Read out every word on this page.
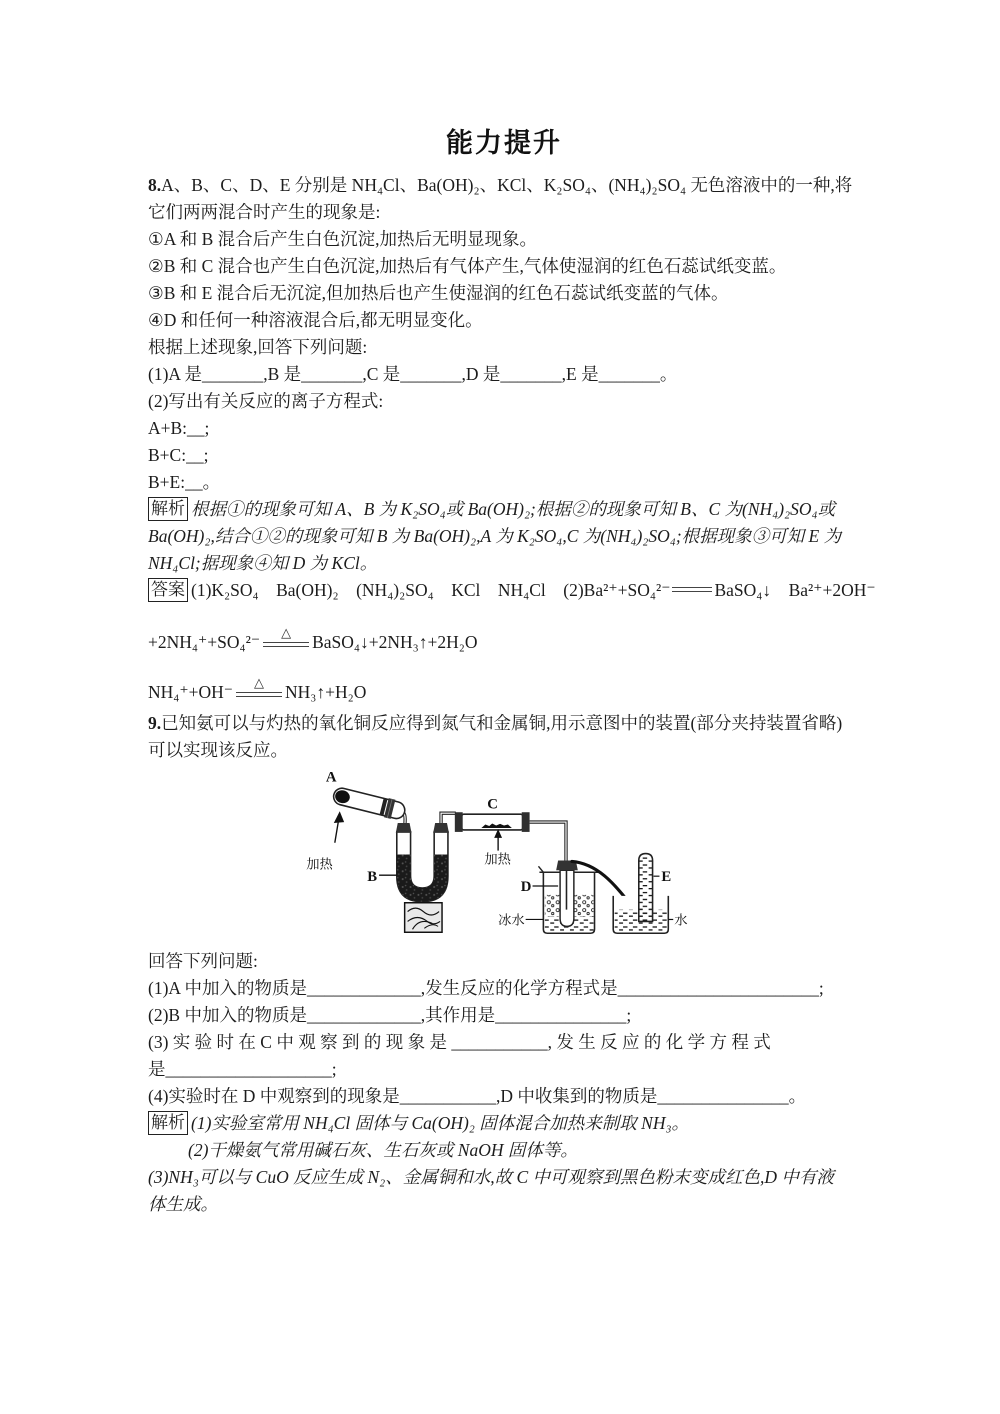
能力提升
8.A、B、C、D、E 分别是 NH₄Cl、Ba(OH)₂、KCl、K₂SO₄、(NH₄)₂SO₄ 无色溶液中的一种,将
它们两两混合时产生的现象是:
①A 和 B 混合后产生白色沉淀,加热后无明显现象。
②B 和 C 混合也产生白色沉淀,加热后有气体产生,气体使湿润的红色石蕊试纸变蓝。
③B 和 E 混合后无沉淀,但加热后也产生使湿润的红色石蕊试纸变蓝的气体。
④D 和任何一种溶液混合后,都无明显变化。
根据上述现象,回答下列问题:
(1)A 是_______,B 是_______,C 是_______,D 是_______,E 是_______。
(2)写出有关反应的离子方程式:
A+B:__;
B+C:__;
B+E:__。
解析 根据①的现象可知 A、B 为 K₂SO₄或 Ba(OH)₂;根据②的现象可知 B、C 为(NH₄)₂SO₄或
Ba(OH)₂,结合①②的现象可知 B 为 Ba(OH)₂,A 为 K₂SO₄,C 为(NH₄)₂SO₄;根据现象③可知 E 为
NH₄Cl;据现象④知 D 为 KCl。
答案 (1)K₂SO₄　Ba(OH)₂　(NH₄)₂SO₄　KCl　NH₄Cl　(2)Ba²⁺+SO₄²⁻	BaSO₄↓　Ba²⁺+2OH⁻
+2NH₄⁺+SO₄²⁻ △ BaSO₄↓+2NH₃↑+2H₂O
NH₄⁺+OH⁻ △ NH₃↑+H₂O
9.已知氨可以与灼热的氧化铜反应得到氮气和金属铜,用示意图中的装置(部分夹持装置省略)
可以实现该反应。
A
加热
B
C
加热
D
冰水
E
水
回答下列问题:
(1)A 中加入的物质是_____________,发生反应的化学方程式是_______________________;
(2)B 中加入的物质是_____________,其作用是_______________;
(3) 实 验 时 在 C 中 观 察 到 的 现 象 是 ___________, 发 生 反 应 的 化 学 方 程 式
是___________________;
(4)实验时在 D 中观察到的现象是___________,D 中收集到的物质是_______________。
解析 (1)实验室常用 NH₄Cl 固体与 Ca(OH)₂ 固体混合加热来制取 NH₃。
(2)干燥氨气常用碱石灰、生石灰或 NaOH 固体等。
(3)NH₃可以与 CuO 反应生成 N₂、金属铜和水,故 C 中可观察到黑色粉末变成红色,D 中有液
体生成。
